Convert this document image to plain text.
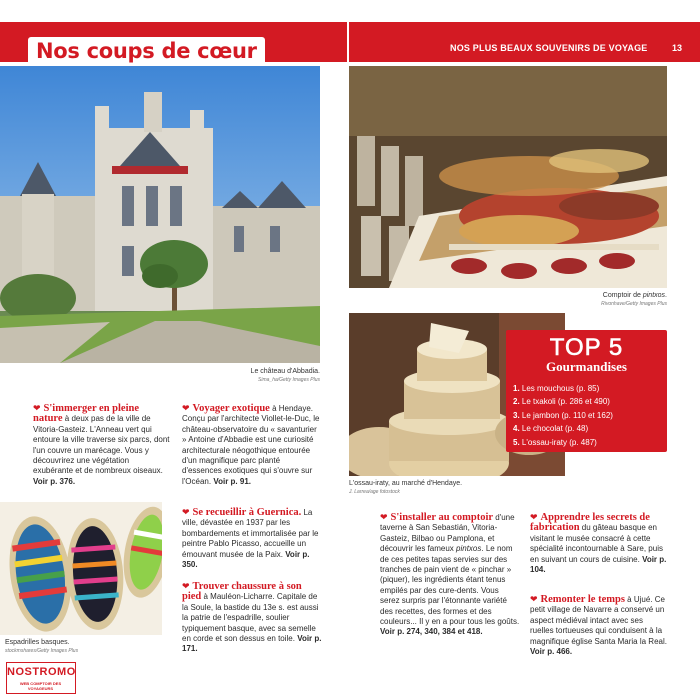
Nos coups de cœur	NOS PLUS BEAUX SOUVENIRS DE VOYAGE	13
Le château d'Abbadia.
Sima_ha/Getty Images Plus
Comptoir de pintxos.
Rivonhave/Getty Images Plus
L'ossau-iraty, au marché d'Hendaye.
J. Larrea/age fotostock
Espadrilles basques.
stockmshares/Getty Images Plus
❤ S'immerger en pleine nature à deux pas de la ville de Vitoria-Gasteiz. L'Anneau vert qui entoure la ville traverse six parcs, dont l'un couvre un marécage. Vous y découvrirez une végétation exubérante et de nombreux oiseaux. Voir p. 376.
❤ Voyager exotique à Hendaye. Conçu par l'architecte Viollet-le-Duc, le château-observatoire du « savanturier » Antoine d'Abbadie est une curiosité architecturale néogothique entourée d'un magnifique parc planté d'essences exotiques qui s'ouvre sur l'Océan. Voir p. 91.
❤ Se recueillir à Guernica. La ville, dévastée en 1937 par les bombardements et immortalisée par le peintre Pablo Picasso, accueille un émouvant musée de la Paix. Voir p. 350.
❤ Trouver chaussure à son pied à Mauléon-Licharre. Capitale de la Soule, la bastide du 13e s. est aussi la patrie de l'espadrille, soulier typiquement basque, avec sa semelle en corde et son dessus en toile. Voir p. 171.
TOP 5
Gourmandises
1. Les mouchous (p. 85)
2. Le txakoli (p. 286 et 490)
3. Le jambon (p. 110 et 162)
4. Le chocolat (p. 48)
5. L'ossau-iraty (p. 487)
❤ S'installer au comptoir d'une taverne à San Sebastián, Vitoria-Gasteiz, Bilbao ou Pamplona, et découvrir les fameux pintxos. Le nom de ces petites tapas servies sur des tranches de pain vient de « pinchar » (piquer), les ingrédients étant tenus empilés par des cure-dents. Vous serez surpris par l'étonnante variété des recettes, des formes et des couleurs... Il y en a pour tous les goûts. Voir p. 274, 340, 384 et 418.
❤ Apprendre les secrets de fabrication du gâteau basque en visitant le musée consacré à cette spécialité incontournable à Sare, puis en suivant un cours de cuisine. Voir p. 104.
❤ Remonter le temps à Ujué. Ce petit village de Navarre a conservé un aspect médiéval intact avec ses ruelles tortueuses qui conduisent à la magnifique église Santa Maria la Real. Voir p. 466.
NOSTROMO
WEB COMPTOIR DES VOYAGEURS
